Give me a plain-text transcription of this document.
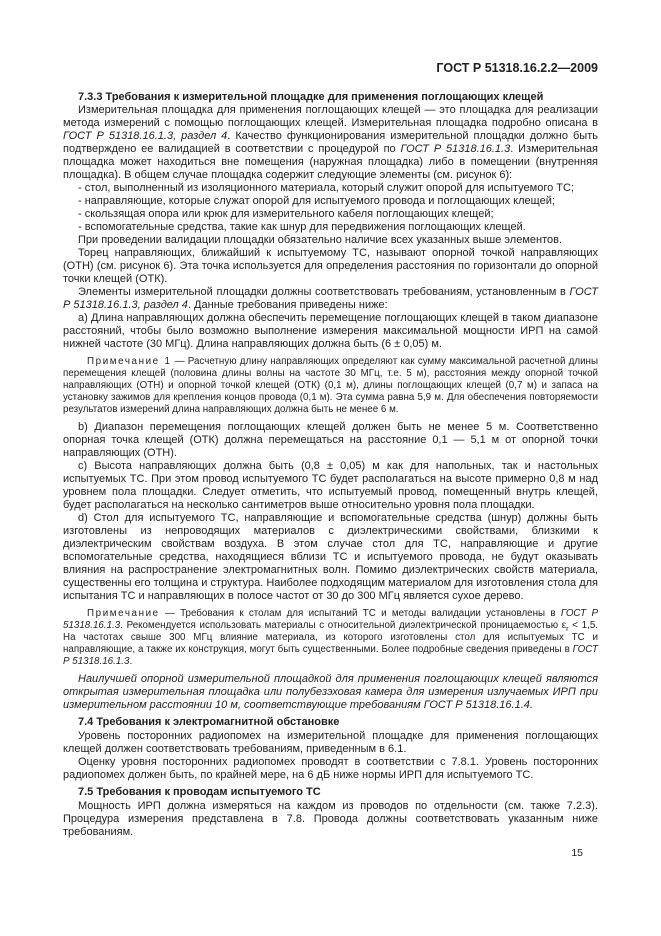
ГОСТ Р 51318.16.2.2—2009

7.3.3 Требования к измерительной площадке для применения поглощающих клещей

Измерительная площадка для применения поглощающих клещей — это площадка для реализации метода измерений с помощью поглощающих клещей. Измерительная площадка подробно описана в ГОСТ Р 51318.16.1.3, раздел 4. Качество функционирования измерительной площадки должно быть подтверждено ее валидацией в соответствии с процедурой по ГОСТ Р 51318.16.1.3. Измерительная площадка может находиться вне помещения (наружная площадка) либо в помещении (внутренняя площадка). В общем случае площадка содержит следующие элементы (см. рисунок 6):

- стол, выполненный из изоляционного материала, который служит опорой для испытуемого ТС;

- направляющие, которые служат опорой для испытуемого провода и поглощающих клещей;

- скользящая опора или крюк для измерительного кабеля поглощающих клещей;

- вспомогательные средства, такие как шнур для передвижения поглощающих клещей.

При проведении валидации площадки обязательно наличие всех указанных выше элементов.

Торец направляющих, ближайший к испытуемому ТС, называют опорной точкой направляющих (ОТН) (см. рисунок 6). Эта точка используется для определения расстояния по горизонтали до опорной точки клещей (ОТК).

Элементы измерительной площадки должны соответствовать требованиям, установленным в ГОСТ Р 51318.16.1.3, раздел 4. Данные требования приведены ниже:

a) Длина направляющих должна обеспечить перемещение поглощающих клещей в таком диапазоне расстояний, чтобы было возможно выполнение измерения максимальной мощности ИРП на самой нижней частоте (30 МГц). Длина направляющих должна быть (6 ± 0,05) м.

Примечание 1 — Расчетную длину направляющих определяют как сумму максимальной расчетной длины перемещения клещей (половина длины волны на частоте 30 МГц, т.е. 5 м), расстояния между опорной точкой направляющих (ОТН) и опорной точкой клещей (ОТК) (0,1 м), длины поглощающих клещей (0,7 м) и запаса на установку зажимов для крепления концов провода (0,1 м). Эта сумма равна 5,9 м. Для обеспечения повторяемости результатов измерений длина направляющих должна быть не менее 6 м.

b) Диапазон перемещения поглощающих клещей должен быть не менее 5 м. Соответственно опорная точка клещей (ОТК) должна перемещаться на расстояние 0,1 — 5,1 м от опорной точки направляющих (ОТН).

c) Высота направляющих должна быть (0,8 ± 0,05) м как для напольных, так и настольных испытуемых ТС. При этом провод испытуемого ТС будет располагаться на высоте примерно 0,8 м над уровнем пола площадки. Следует отметить, что испытуемый провод, помещенный внутрь клещей, будет располагаться на несколько сантиметров выше относительно уровня пола площадки.

d) Стол для испытуемого ТС, направляющие и вспомогательные средства (шнур) должны быть изготовлены из непроводящих материалов с диэлектрическими свойствами, близкими к диэлектрическим свойствам воздуха. В этом случае стол для ТС, направляющие и другие вспомогательные средства, находящиеся вблизи ТС и испытуемого провода, не будут оказывать влияния на распространение электромагнитных волн. Помимо диэлектрических свойств материала, существенны его толщина и структура. Наиболее подходящим материалом для изготовления стола для испытания ТС и направляющих в полосе частот от 30 до 300 МГц является сухое дерево.

Примечание — Требования к столам для испытаний ТС и методы валидации установлены в ГОСТ Р 51318.16.1.3. Рекомендуется использовать материалы с относительной диэлектрической проницаемостью $\varepsilon_r < 1,5$. На частотах свыше 300 МГц влияние материала, из которого изготовлены стол для испытуемых ТС и направляющие, а также их конструкция, могут быть существенными. Более подробные сведения приведены в ГОСТ Р 51318.16.1.3.

Наилучшей опорной измерительной площадкой для применения поглощающих клещей являются открытая измерительная площадка или полубезэховая камера для измерения излучаемых ИРП при измерительном расстоянии 10 м, соответствующие требованиям ГОСТ Р 51318.16.1.4.

7.4 Требования к электромагнитной обстановке

Уровень посторонних радиопомех на измерительной площадке для применения поглощающих клещей должен соответствовать требованиям, приведенным в 6.1.

Оценку уровня посторонних радиопомех проводят в соответствии с 7.8.1. Уровень посторонних радиопомех должен быть, по крайней мере, на 6 дБ ниже нормы ИРП для испытуемого ТС.

7.5 Требования к проводам испытуемого ТС

Мощность ИРП должна измеряться на каждом из проводов по отдельности (см. также 7.2.3). Процедура измерения представлена в 7.8. Провода должны соответствовать указанным ниже требованиям.

15
